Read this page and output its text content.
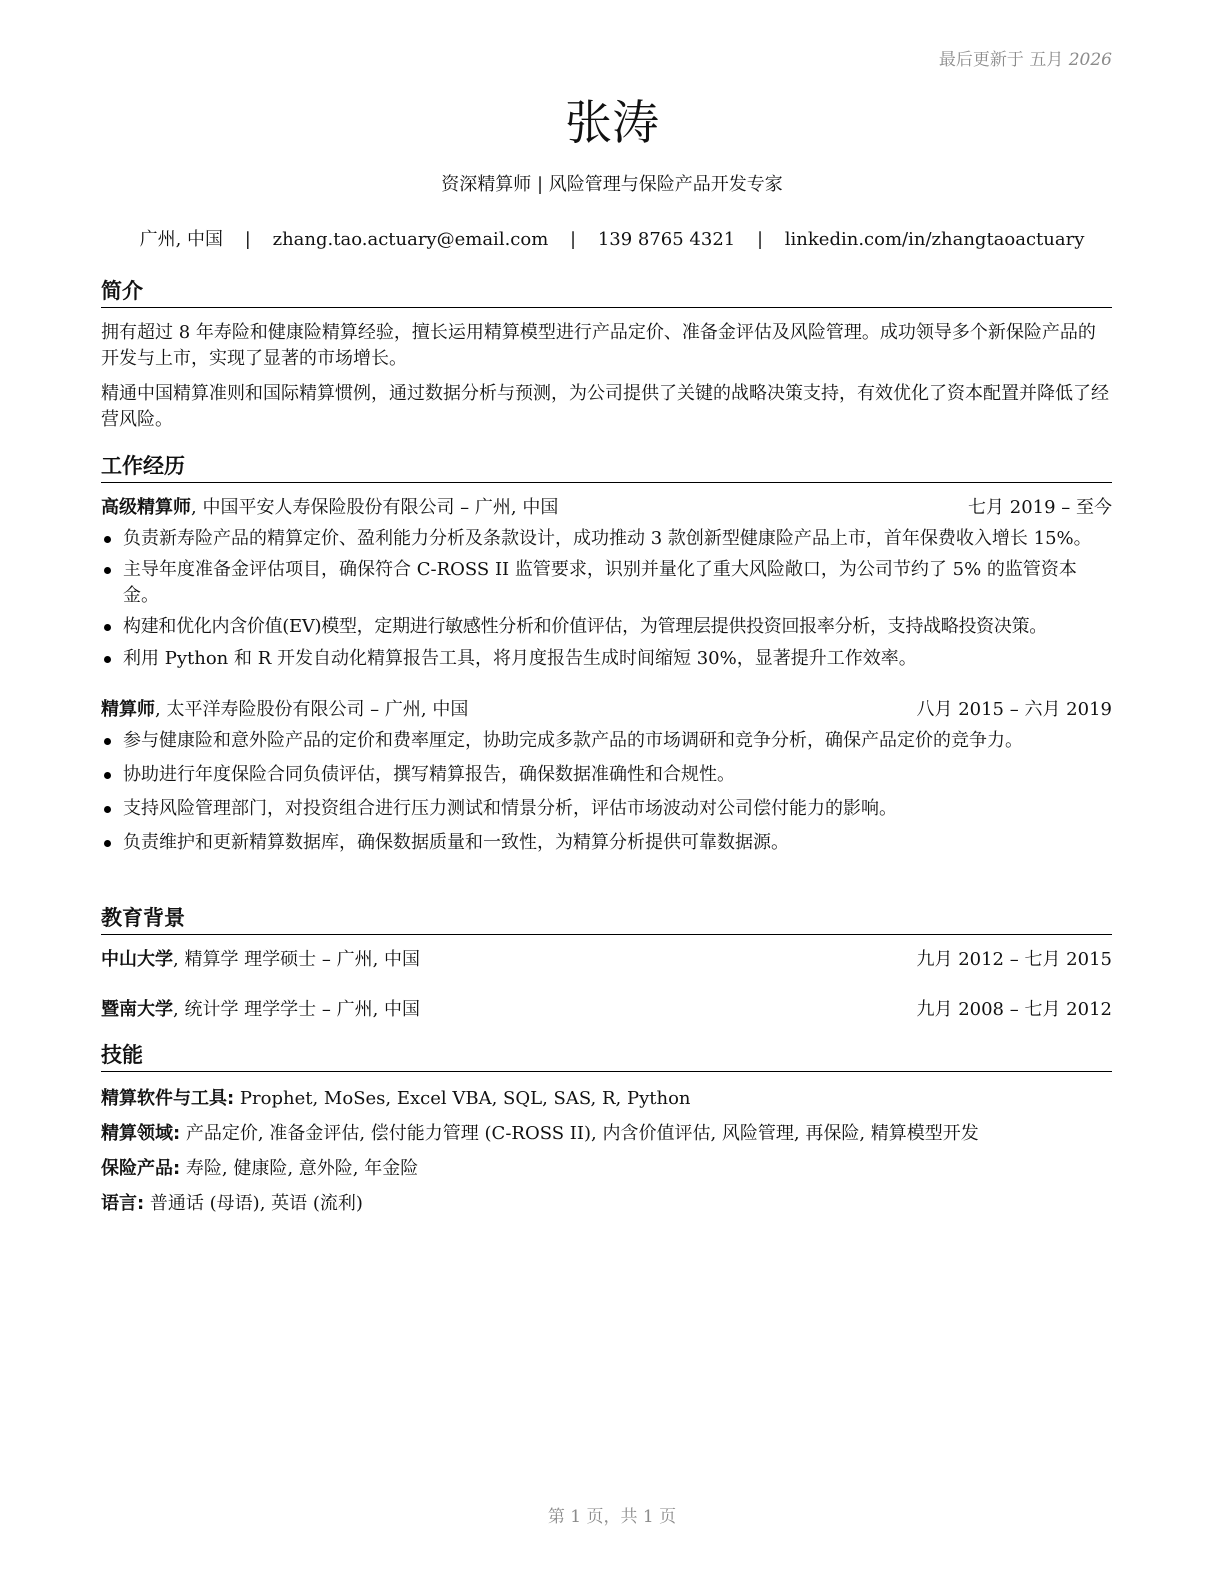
最后更新于 五月 2026
张涛
资深精算师 | 风险管理与保险产品开发专家
广州, 中国 | zhang.tao.actuary@email.com | 139 8765 4321 | linkedin.com/in/zhangtaoactuary
简介

拥有超过 8 年寿险和健康险精算经验，擅长运用精算模型进行产品定价、准备金评估及风险管理。成功领导多个新保险产品的开发与上市，实现了显著的市场增长。

精通中国精算准则和国际精算惯例，通过数据分析与预测，为公司提供了关键的战略决策支持，有效优化了资本配置并降低了经营风险。

工作经历
高级精算师, 中国平安人寿保险股份有限公司 – 广州, 中国	七月 2019 – 至今
负责新寿险产品的精算定价、盈利能力分析及条款设计，成功推动 3 款创新型健康险产品上市，首年保费收入增长 15%。
主导年度准备金评估项目，确保符合 C-ROSS II 监管要求，识别并量化了重大风险敞口，为公司节约了 5% 的监管资本金。
构建和优化内含价值(EV)模型，定期进行敏感性分析和价值评估，为管理层提供投资回报率分析，支持战略投资决策。
利用 Python 和 R 开发自动化精算报告工具，将月度报告生成时间缩短 30%，显著提升工作效率。
精算师, 太平洋寿险股份有限公司 – 广州, 中国	八月 2015 – 六月 2019
参与健康险和意外险产品的定价和费率厘定，协助完成多款产品的市场调研和竞争分析，确保产品定价的竞争力。
协助进行年度保险合同负债评估，撰写精算报告，确保数据准确性和合规性。
支持风险管理部门，对投资组合进行压力测试和情景分析，评估市场波动对公司偿付能力的影响。
负责维护和更新精算数据库，确保数据质量和一致性，为精算分析提供可靠数据源。
教育背景
中山大学, 精算学 理学硕士 – 广州, 中国	九月 2012 – 七月 2015
暨南大学, 统计学 理学学士 – 广州, 中国	九月 2008 – 七月 2012
技能
精算软件与工具: Prophet, MoSes, Excel VBA, SQL, SAS, R, Python
精算领域: 产品定价, 准备金评估, 偿付能力管理 (C-ROSS II), 内含价值评估, 风险管理, 再保险, 精算模型开发
保险产品: 寿险, 健康险, 意外险, 年金险
语言: 普通话 (母语), 英语 (流利)
第 1 页，共 1 页
